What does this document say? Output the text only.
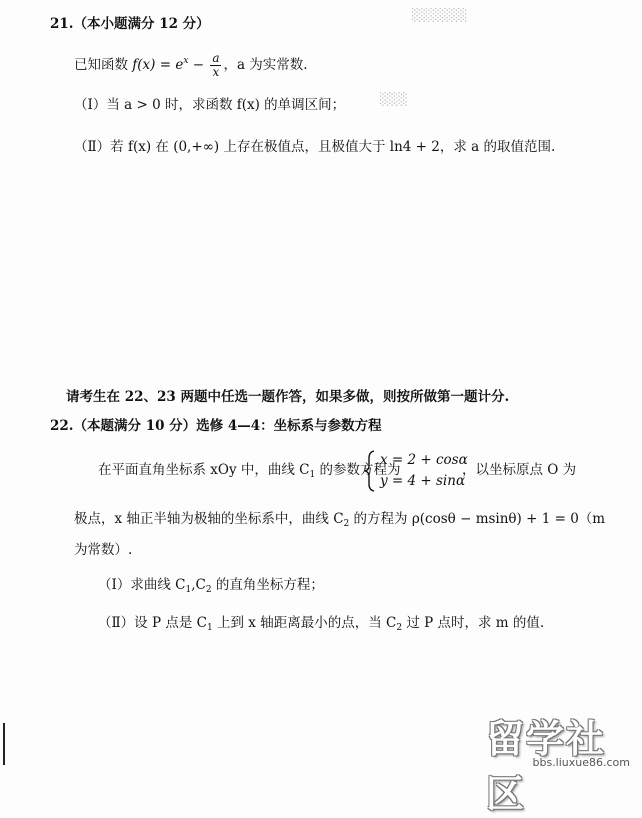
21.（本小题满分 12 分）
已知函数 $f(x) = e^x - \frac{a}{x}$ ，a 为实常数.
（Ⅰ）当 a > 0 时，求函数 f(x) 的单调区间；
（Ⅱ）若 f(x) 在 (0,+∞) 上存在极值点，且极值大于 ln4 + 2，求 a 的取值范围.
░░░░░░
░░░
请考生在 22、23 两题中任选一题作答，如果多做，则按所做第一题计分.
22.（本题满分 10 分）选修 4—4：坐标系与参数方程
在平面直角坐标系 xOy 中，曲线 $C_1$ 的参数方程为
x = 2 + cosα
y = 4 + sinα
，以坐标原点 O 为
极点，x 轴正半轴为极轴的坐标系中，曲线 $C_2$ 的方程为 ρ(cosθ − msinθ) + 1 = 0（m
为常数）.
（Ⅰ）求曲线 $C_1,C_2$ 的直角坐标方程；
（Ⅱ）设 P 点是 $C_1$ 上到 x 轴距离最小的点，当 $C_2$ 过 P 点时，求 m 的值.
留学社区
bbs.liuxue86.com
